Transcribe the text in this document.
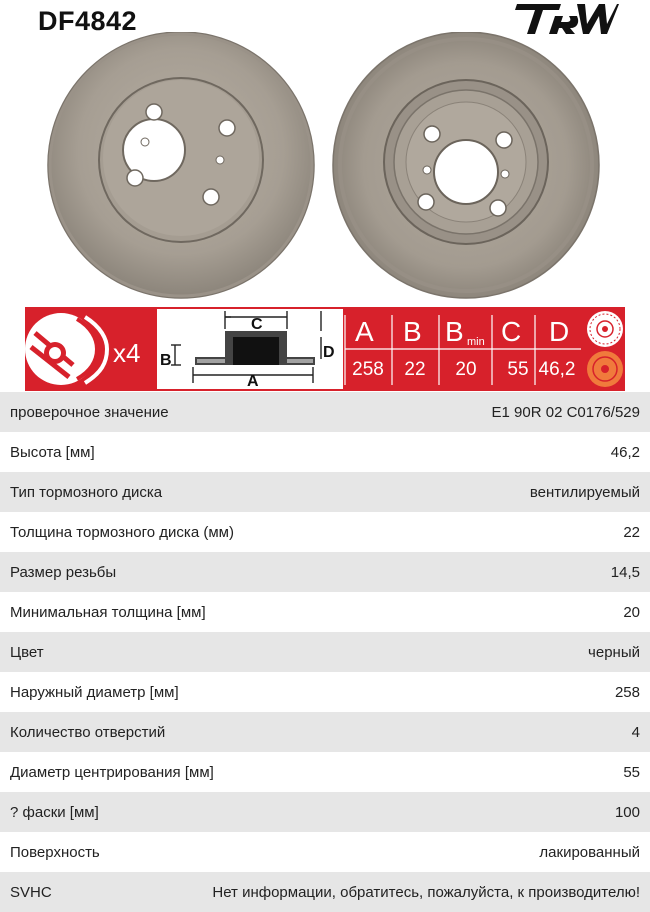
DF4842
x4
C
B	D
A
A B B min C D
258 22 20 55 46,2
проверочное значение	E1 90R 02 C0176/529
Высота [мм]	46,2
Тип тормозного диска	вентилируемый
Толщина тормозного диска (мм)	22
Размер резьбы	14,5
Минимальная толщина [мм]	20
Цвет	черный
Наружный диаметр [мм]	258
Количество отверстий	4
Диаметр центрирования [мм]	55
? фаски [мм]	100
Поверхность	лакированный
SVHC	Нет информации, обратитесь, пожалуйста, к производителю!
